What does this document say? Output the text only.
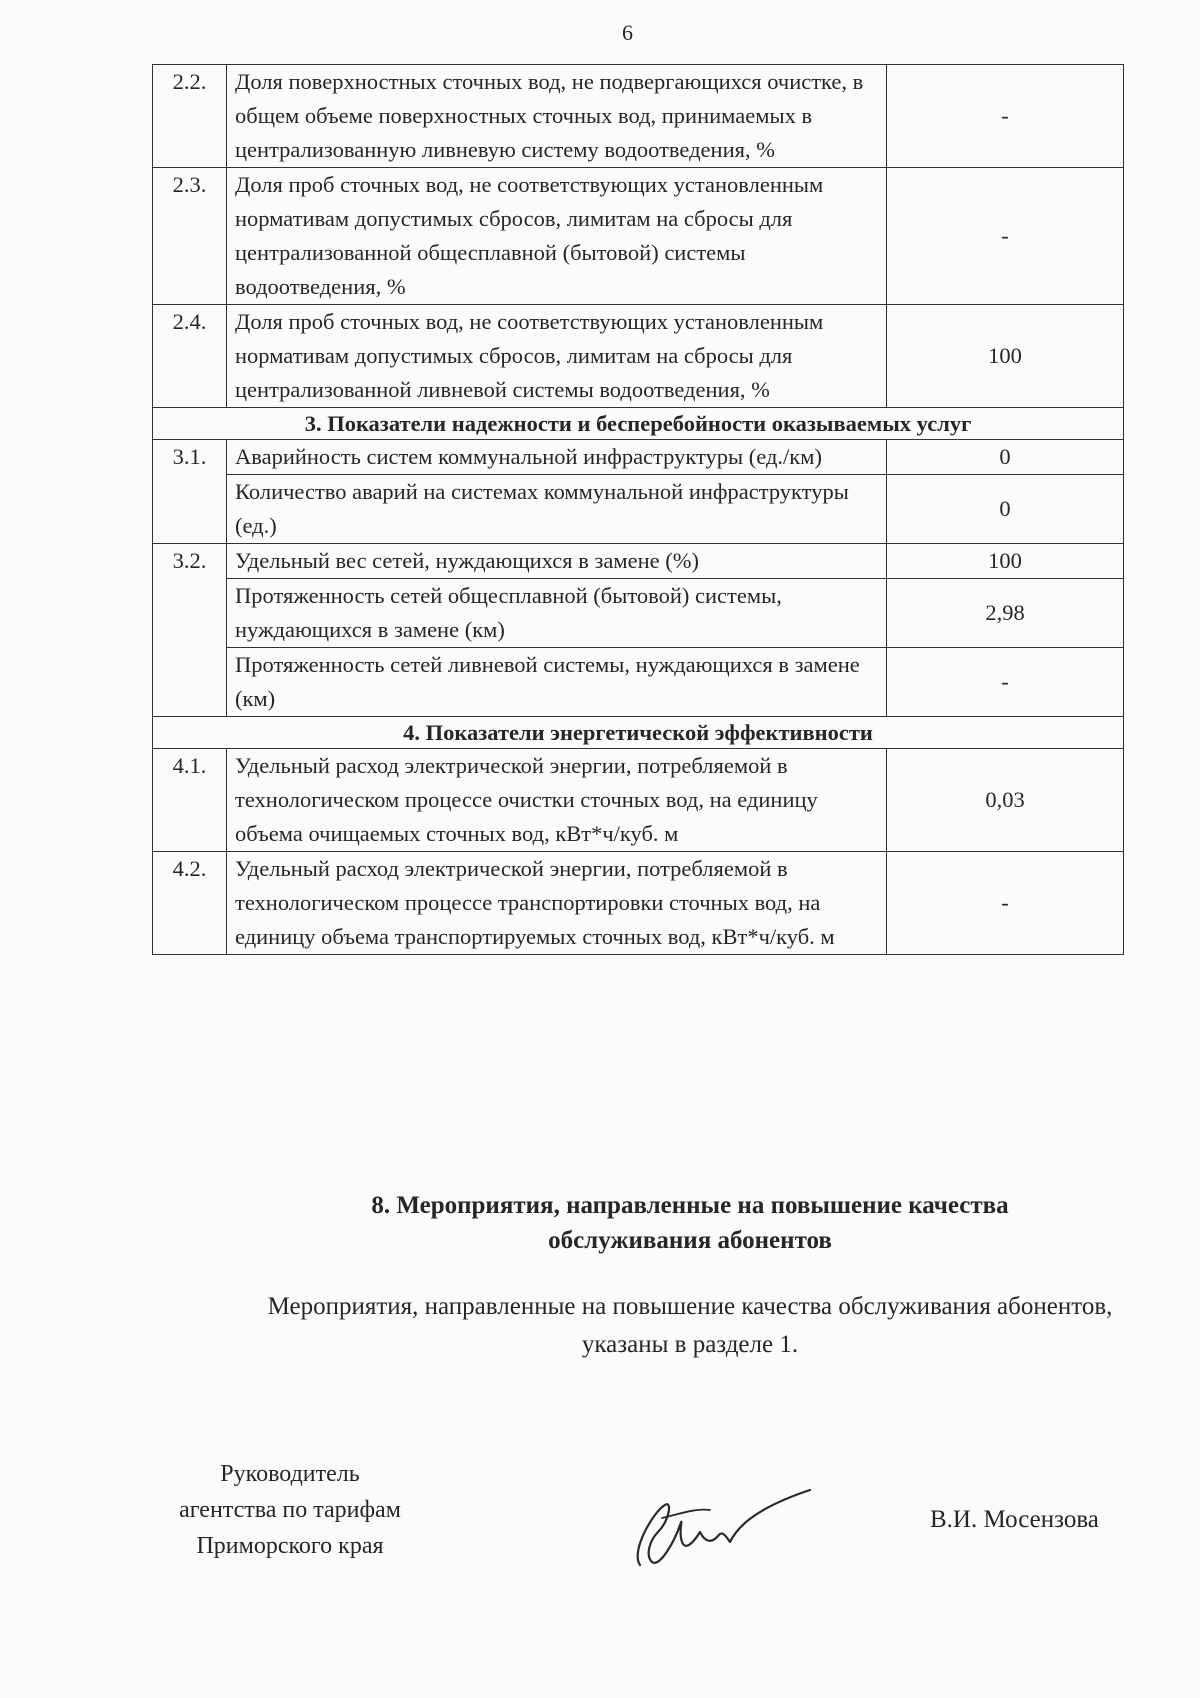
6
2.2.	Доля поверхностных сточных вод, не подвергающихся очистке, в общем объеме поверхностных сточных вод, принимаемых в централизованную ливневую систему водоотведения, %	-
2.3.	Доля проб сточных вод, не соответствующих установленным нормативам допустимых сбросов, лимитам на сбросы для централизованной общесплавной (бытовой) системы водоотведения, %	-
2.4.	Доля проб сточных вод, не соответствующих установленным нормативам допустимых сбросов, лимитам на сбросы для централизованной ливневой системы водоотведения, %	100
3. Показатели надежности и бесперебойности оказываемых услуг		
3.1.	Аварийность систем коммунальной инфраструктуры (ед./км)	0
	Количество аварий на системах коммунальной инфраструктуры (ед.)	0
3.2.	Удельный вес сетей, нуждающихся в замене (%)	100
	Протяженность сетей общесплавной (бытовой) системы, нуждающихся в замене (км)	2,98
	Протяженность сетей ливневой системы, нуждающихся в замене (км)	-
4. Показатели энергетической эффективности		
4.1.	Удельный расход электрической энергии, потребляемой в технологическом процессе очистки сточных вод, на единицу объема очищаемых сточных вод, кВт*ч/куб. м	0,03
4.2.	Удельный расход электрической энергии, потребляемой в технологическом процессе транспортировки сточных вод, на единицу объема транспортируемых сточных вод, кВт*ч/куб. м	-
8. Мероприятия, направленные на повышение качества
обслуживания абонентов
Мероприятия, направленные на повышение качества обслуживания абонентов,
указаны в разделе 1.
Руководитель
агентства по тарифам
Приморского края
В.И. Мосензова
